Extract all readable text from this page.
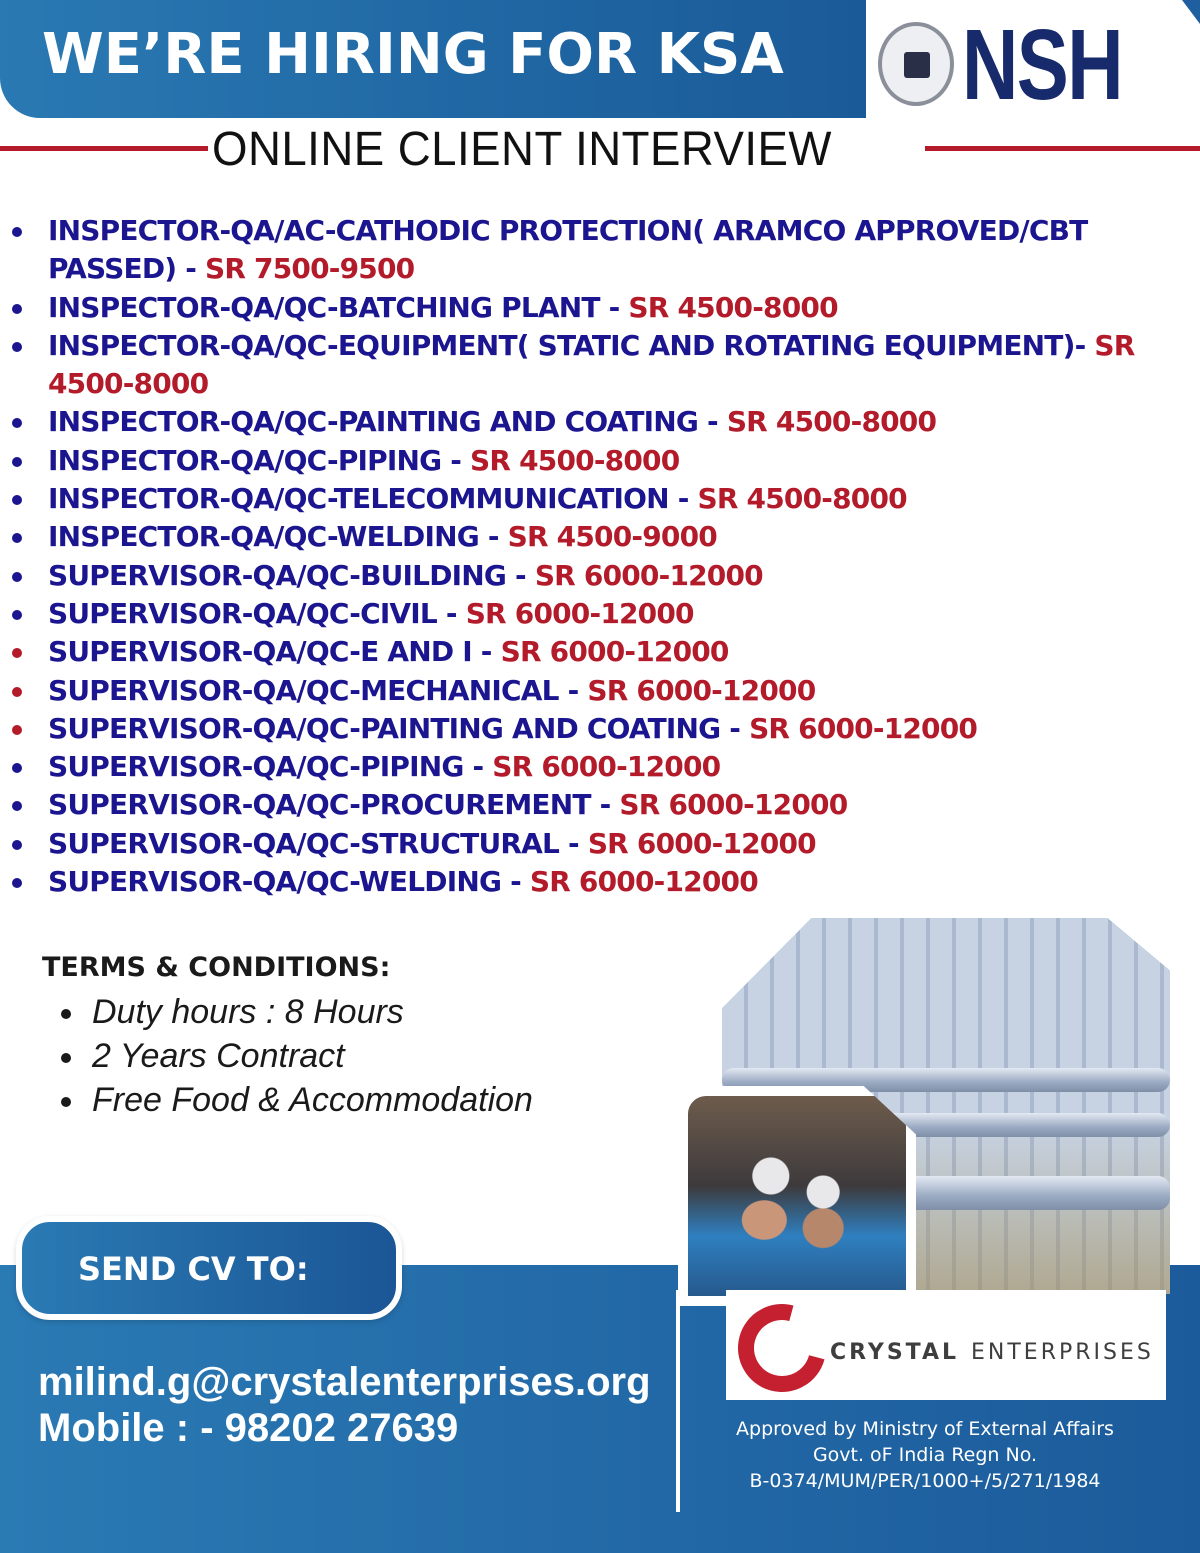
WE’RE HIRING FOR KSA NSH
ONLINE CLIENT INTERVIEW
INSPECTOR-QA/AC-CATHODIC PROTECTION( ARAMCO APPROVED/CBT PASSED) - SR 7500-9500
INSPECTOR-QA/QC-BATCHING PLANT - SR 4500-8000
INSPECTOR-QA/QC-EQUIPMENT( STATIC AND ROTATING EQUIPMENT)- SR 4500-8000
INSPECTOR-QA/QC-PAINTING AND COATING - SR 4500-8000
INSPECTOR-QA/QC-PIPING - SR 4500-8000
INSPECTOR-QA/QC-TELECOMMUNICATION - SR 4500-8000
INSPECTOR-QA/QC-WELDING - SR 4500-9000
SUPERVISOR-QA/QC-BUILDING - SR 6000-12000
SUPERVISOR-QA/QC-CIVIL - SR 6000-12000
SUPERVISOR-QA/QC-E AND I - SR 6000-12000
SUPERVISOR-QA/QC-MECHANICAL - SR 6000-12000
SUPERVISOR-QA/QC-PAINTING AND COATING - SR 6000-12000
SUPERVISOR-QA/QC-PIPING - SR 6000-12000
SUPERVISOR-QA/QC-PROCUREMENT - SR 6000-12000
SUPERVISOR-QA/QC-STRUCTURAL - SR 6000-12000
SUPERVISOR-QA/QC-WELDING - SR 6000-12000
TERMS & CONDITIONS:
Duty hours : 8 Hours
2 Years Contract
Free Food & Accommodation
SEND CV TO:
milind.g@crystalenterprises.org
Mobile : - 98202 27639
CRYSTAL ENTERPRISES
Approved by Ministry of External Affairs
Govt. oF India Regn No.
B-0374/MUM/PER/1000+/5/271/1984
